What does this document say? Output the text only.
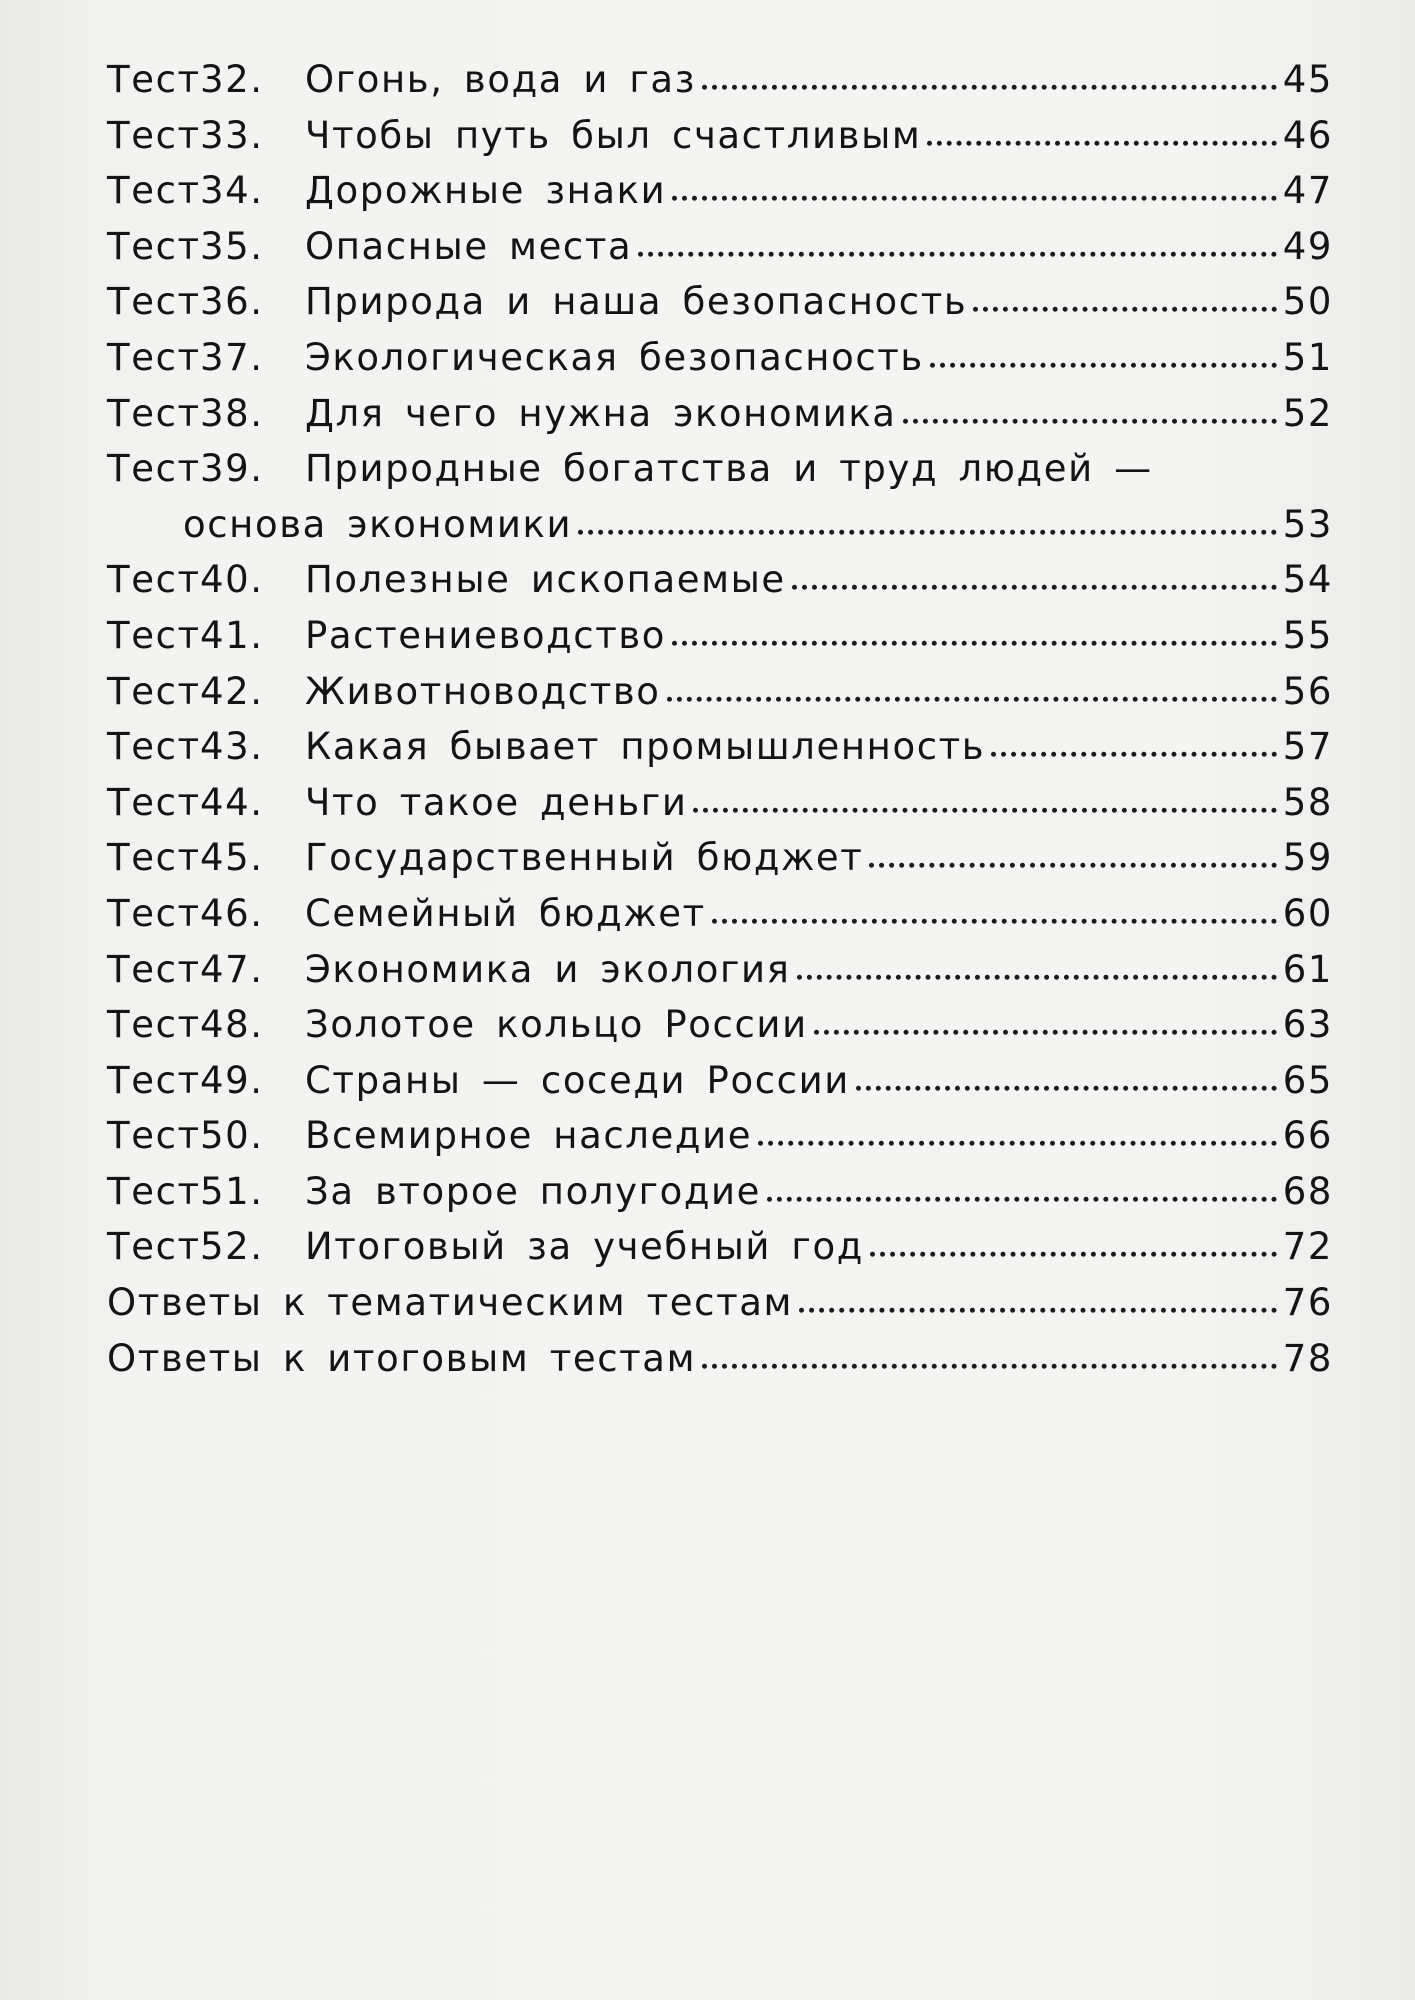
Тест 32.	Огонь, вода и газ	45
Тест 33.	Чтобы путь был счастливым	46
Тест 34.	Дорожные знаки	47
Тест 35.	Опасные места	49
Тест 36.	Природа и наша безопасность	50
Тест 37.	Экологическая безопасность	51
Тест 38.	Для чего нужна экономика	52
Тест 39.	Природные богатства и труд людей —
основа экономики	53
Тест 40.	Полезные ископаемые	54
Тест 41.	Растениеводство	55
Тест 42.	Животноводство	56
Тест 43.	Какая бывает промышленность	57
Тест 44.	Что такое деньги	58
Тест 45.	Государственный бюджет	59
Тест 46.	Семейный бюджет	60
Тест 47.	Экономика и экология	61
Тест 48.	Золотое кольцо России	63
Тест 49.	Страны — соседи России	65
Тест 50.	Всемирное наследие	66
Тест 51.	За второе полугодие	68
Тест 52.	Итоговый за учебный год	72
Ответы к тематическим тестам	76
Ответы к итоговым тестам	78
